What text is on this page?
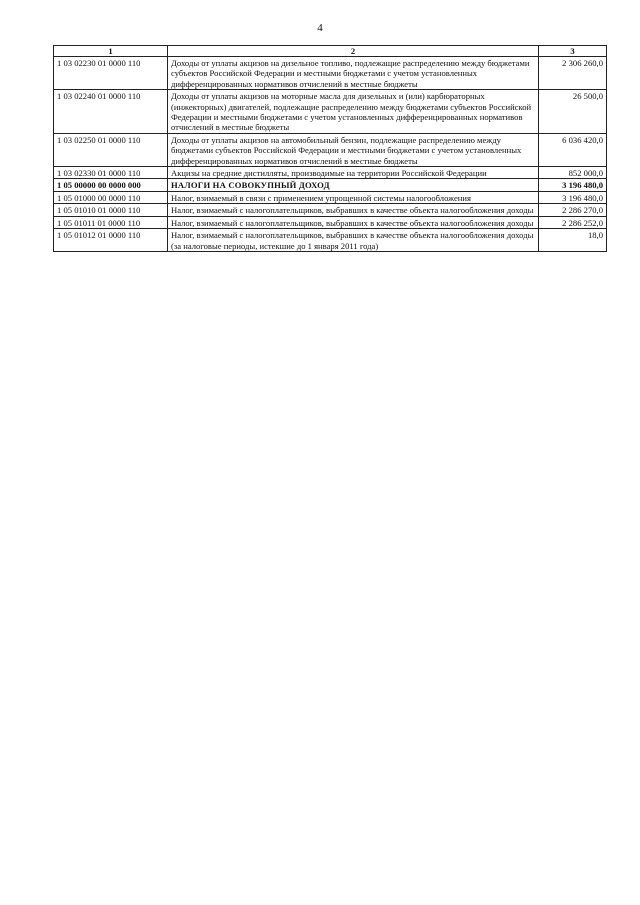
4
1	2	3
1 03 02230 01 0000 110	Доходы от уплаты акцизов на дизельное топливо, подлежащие распределению между бюджетами субъектов Российской Федерации и местными бюджетами с учетом установленных дифференцированных нормативов отчислений в местные бюджеты	2 306 260,0
1 03 02240 01 0000 110	Доходы от уплаты акцизов на моторные масла для дизельных и (или) карбюраторных (инжекторных) двигателей, подлежащие распределению между бюджетами субъектов Российской Федерации и местными бюджетами с учетом установленных дифференцированных нормативов отчислений в местные бюджеты	26 500,0
1 03 02250 01 0000 110	Доходы от уплаты акцизов на автомобильный бензин, подлежащие распределению между бюджетами субъектов Российской Федерации и местными бюджетами с учетом установленных дифференцированных нормативов отчислений в местные бюджеты	6 036 420,0
1 03 02330 01 0000 110	Акцизы на средние дистилляты, производимые на территории Российской Федерации	852 000,0
1 05 00000 00 0000 000	НАЛОГИ НА СОВОКУПНЫЙ ДОХОД	3 196 480,0
1 05 01000 00 0000 110	Налог, взимаемый в связи с применением упрощенной системы налогообложения	3 196 480,0
1 05 01010 01 0000 110	Налог, взимаемый с налогоплательщиков, выбравших в качестве объекта налогообложения доходы	2 286 270,0
1 05 01011 01 0000 110	Налог, взимаемый с налогоплательщиков, выбравших в качестве объекта налогообложения доходы	2 286 252,0
1 05 01012 01 0000 110	Налог, взимаемый с налогоплательщиков, выбравших в качестве объекта налогообложения доходы (за налоговые периоды, истекшие до 1 января 2011 года)	18,0
